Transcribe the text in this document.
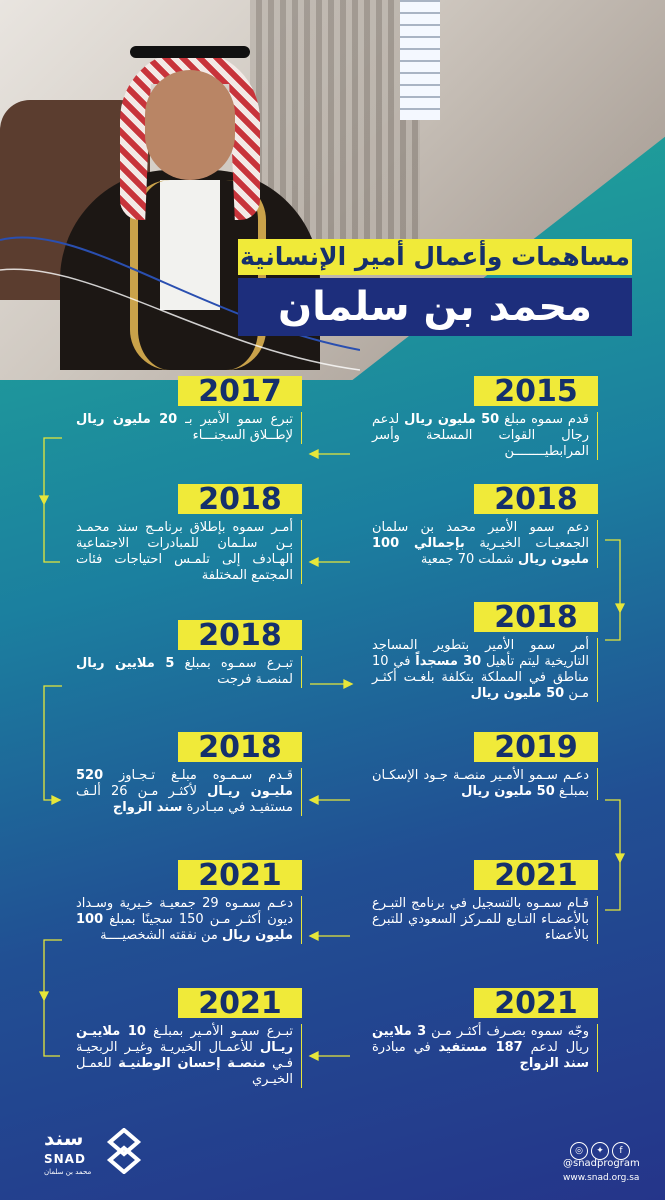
مساهمات وأعمال أمير الإنسانية
محمد بن سلمان
2015
قدم سموه مبلغ 50 مليون ريال لدعم رجال القوات المسلحة وأسر المرابطيــــــــن
2018
دعم سمو الأمير محمد بن سلمان الجمعيـات الخيـرية بإجمالي 100 مليون ريال شملت 70 جمعية
2018
أمر سمو الأمير بتطوير المساجد التاريخية ليتم تأهيل 30 مسجداً في 10 مناطق في المملكة بتكلفة بلغـت أكثـر مـن 50 مليون ريال
2019
دعـم سـمو الأمـير منصـة جـود الإسكـان بمبلـغ 50 مليون ريال
2021
قـام سمـوه بالتسجيل في برنامج التبـرع بالأعضـاء التـابع للمـركز السعودي للتبرع بالأعضاء
2021
وجّه سموه بصـرف أكثـر مـن 3 ملايين ريال لدعم 187 مستفيد في مبادرة سند الزواج
2017
تبرع سمو الأمير بـ 20 مليون ريال لإطــلاق السجنـــاء
2018
أمـر سموه بإطلاق برنامـج سند محمـد بـن سلـمان للمبادرات الاجتماعية الهـادف إلى تلمـس احتياجات فئات المجتمع المختلفة
2018
تبـرع سمـوه بمبلغ 5 ملايين ريال لمنصـة فرجت
2018
قـدم سـمـوه مبلـغ تـجـاوز 520 مليـون ريـال لأكثـر مـن 26 ألـف مستفيـد في مبـادرة سند الزواج
2021
دعـم سمـوه 29 جمعيـة خـيرية وسـداد ديون أكثـر مـن 150 سجينًا بمبلغ 100 مليون ريال من نفقته الشخصيــــة
2021
تبـرع سمـو الأمـير بمبلـغ 10 ملاييـن ريـال للأعمـال الخيريـة وغيـر الربحيـة فـي منصـة إحسان الوطنيـة للعمـل الخيـري
سند
SNAD
محمد بن سلمان
◎ ✦ f
@snadprogram
www.snad.org.sa
